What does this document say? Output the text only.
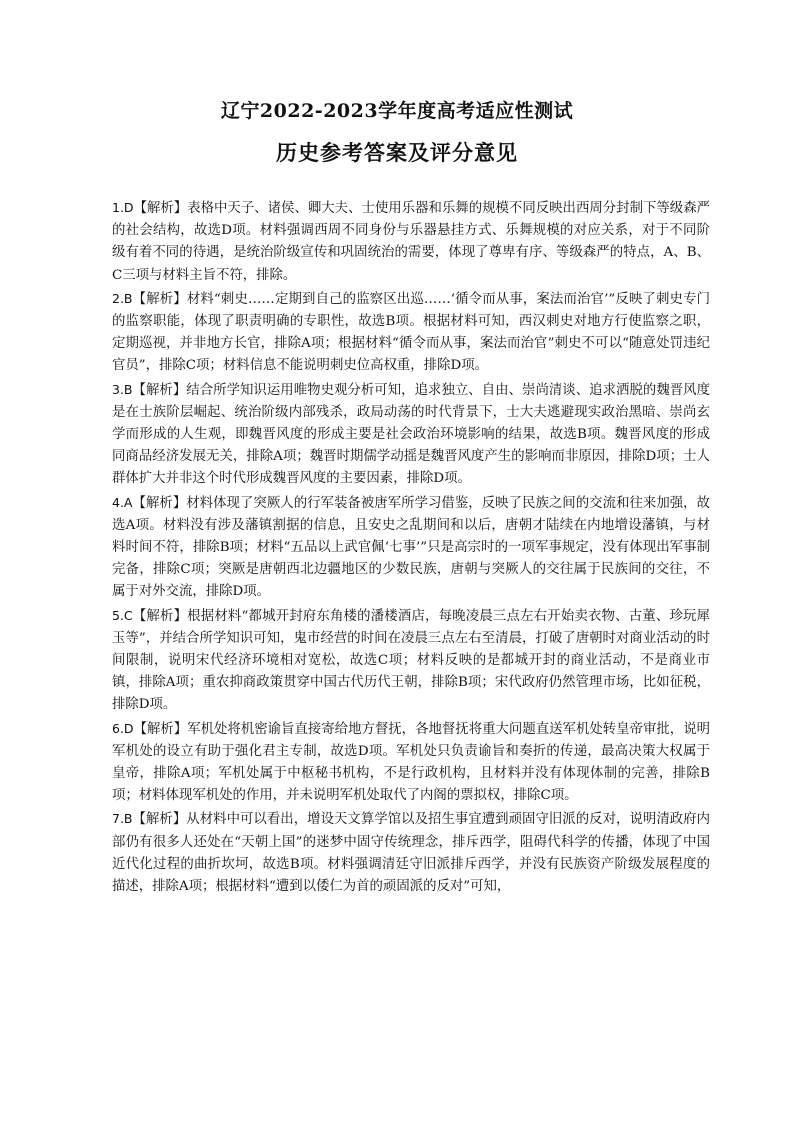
辽宁2022-2023学年度高考适应性测试
历史参考答案及评分意见

1.D【解析】表格中天子、诸侯、卿大夫、士使用乐器和乐舞的规模不同反映出西周分封制下等级森严的社会结构，故选D项。材料强调西周不同身份与乐器悬挂方式、乐舞规模的对应关系，对于不同阶级有着不同的待遇，是统治阶级宣传和巩固统治的需要，体现了尊卑有序、等级森严的特点，A、B、C三项与材料主旨不符，排除。

2.B【解析】材料“刺史……定期到自己的监察区出巡……‘循令而从事，案法而治官’”反映了刺史专门的监察职能，体现了职责明确的专职性，故选B项。根据材料可知，西汉刺史对地方行使监察之职，定期巡视，并非地方长官，排除A项；根据材料“循令而从事，案法而治官”刺史不可以“随意处罚违纪官员”，排除C项；材料信息不能说明刺史位高权重，排除D项。

3.B【解析】结合所学知识运用唯物史观分析可知，追求独立、自由、崇尚清谈、追求洒脱的魏晋风度是在士族阶层崛起、统治阶级内部残杀，政局动荡的时代背景下，士大夫逃避现实政治黑暗、崇尚玄学而形成的人生观，即魏晋风度的形成主要是社会政治环境影响的结果，故选B项。魏晋风度的形成同商品经济发展无关，排除A项；魏晋时期儒学动摇是魏晋风度产生的影响而非原因，排除D项；士人群体扩大并非这个时代形成魏晋风度的主要因素，排除D项。

4.A【解析】材料体现了突厥人的行军装备被唐军所学习借鉴，反映了民族之间的交流和往来加强，故选A项。材料没有涉及藩镇割据的信息，且安史之乱期间和以后，唐朝才陆续在内地增设藩镇，与材料时间不符，排除B项；材料“五品以上武官佩‘七事’”只是高宗时的一项军事规定，没有体现出军事制完备，排除C项；突厥是唐朝西北边疆地区的少数民族，唐朝与突厥人的交往属于民族间的交往，不属于对外交流，排除D项。

5.C【解析】根据材料“都城开封府东角楼的潘楼酒店，每晚凌晨三点左右开始卖衣物、古董、珍玩犀玉等”，并结合所学知识可知，鬼市经营的时间在凌晨三点左右至清晨，打破了唐朝时对商业活动的时间限制，说明宋代经济环境相对宽松，故选C项；材料反映的是都城开封的商业活动，不是商业市镇，排除A项；重农抑商政策贯穿中国古代历代王朝，排除B项；宋代政府仍然管理市场，比如征税，排除D项。

6.D【解析】军机处将机密谕旨直接寄给地方督抚，各地督抚将重大问题直送军机处转皇帝审批，说明军机处的设立有助于强化君主专制，故选D项。军机处只负责谕旨和奏折的传递，最高决策大权属于皇帝，排除A项；军机处属于中枢秘书机构，不是行政机构，且材料并没有体现体制的完善，排除B项；材料体现军机处的作用，并未说明军机处取代了内阁的票拟权，排除C项。

7.B【解析】从材料中可以看出，增设天文算学馆以及招生事宜遭到顽固守旧派的反对，说明清政府内部仍有很多人还处在“天朝上国”的迷梦中固守传统理念，排斥西学，阻碍代科学的传播，体现了中国近代化过程的曲折坎坷，故选B项。材料强调清廷守旧派排斥西学，并没有民族资产阶级发展程度的描述，排除A项；根据材料“遭到以倭仁为首的顽固派的反对”可知，
